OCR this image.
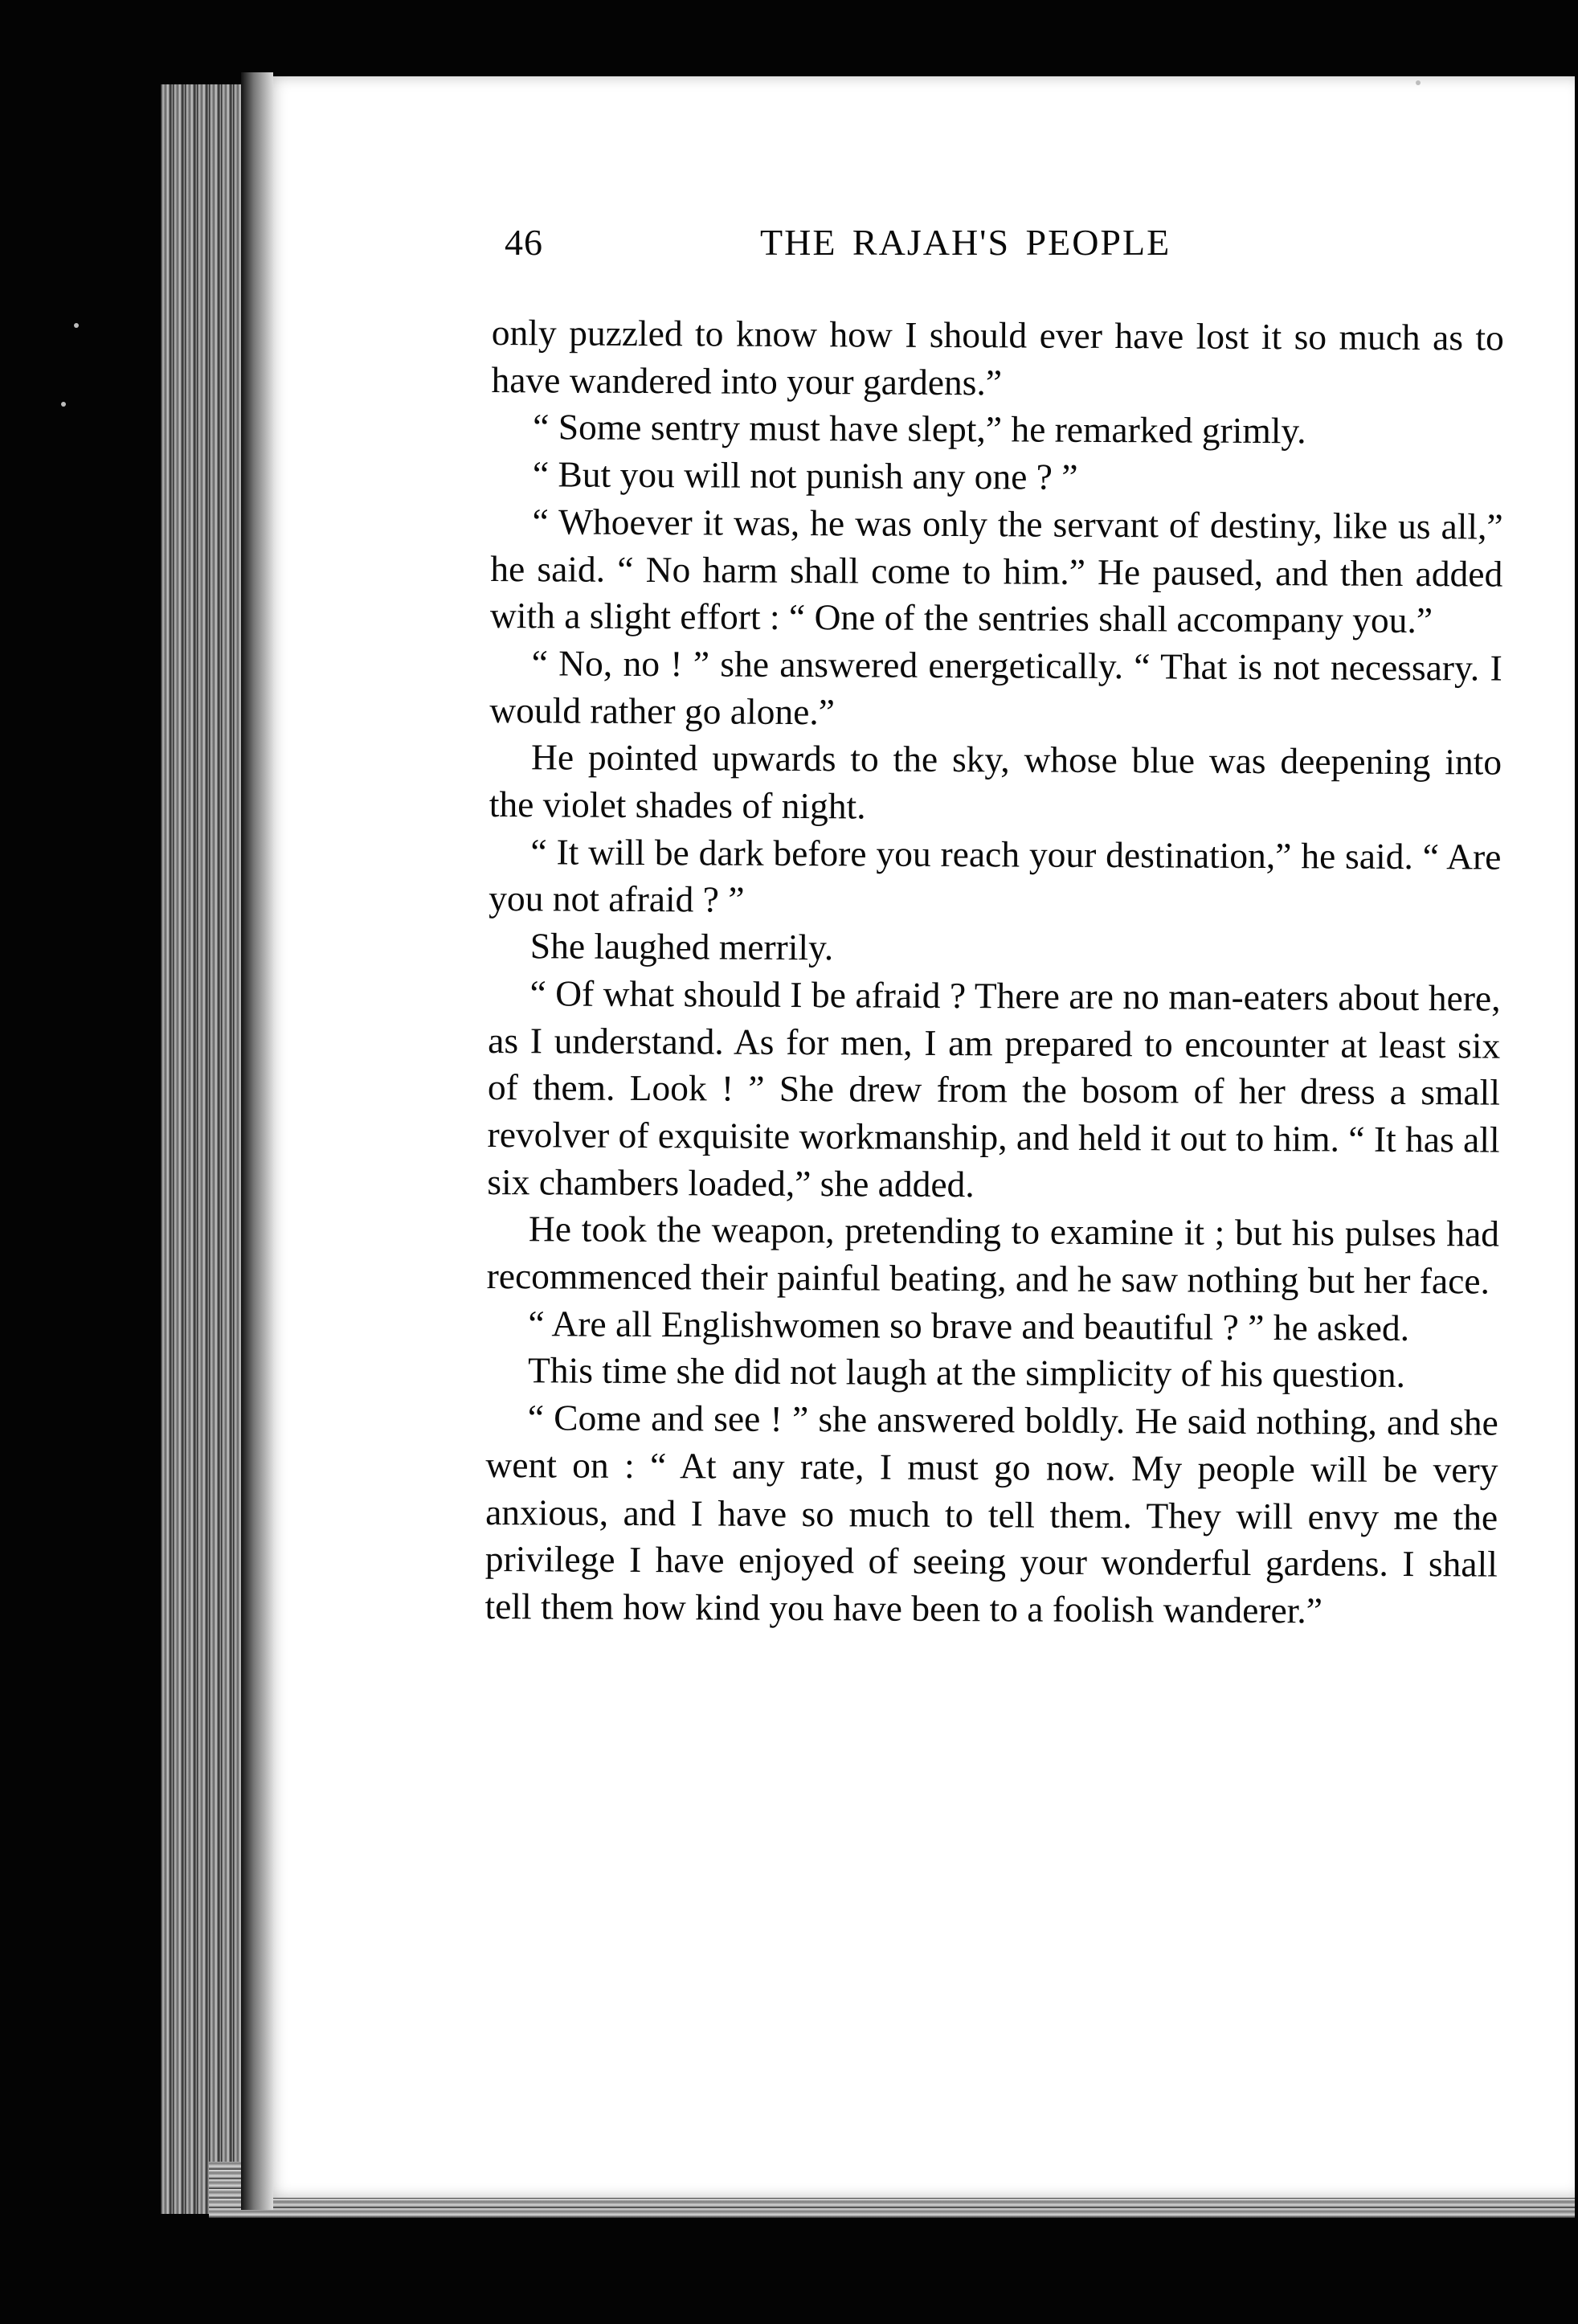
46	THE RAJAH'S PEOPLE

only puzzled to know how I should ever have lost it so much as to have wandered into your gardens.”

“ Some sentry must have slept,” he remarked grimly.

“ But you will not punish any one ? ”

“ Whoever it was, he was only the servant of destiny, like us all,” he said. “ No harm shall come to him.” He paused, and then added with a slight effort : “ One of the sentries shall accompany you.”

“ No, no ! ” she answered energetically. “ That is not necessary. I would rather go alone.”

He pointed upwards to the sky, whose blue was deepening into the violet shades of night.

“ It will be dark before you reach your destination,” he said. “ Are you not afraid ? ”

She laughed merrily.

“ Of what should I be afraid ? There are no man-eaters about here, as I understand. As for men, I am prepared to encounter at least six of them. Look ! ” She drew from the bosom of her dress a small revolver of exquisite workmanship, and held it out to him. “ It has all six chambers loaded,” she added.

He took the weapon, pretending to examine it ; but his pulses had recommenced their painful beating, and he saw nothing but her face.

“ Are all Englishwomen so brave and beautiful ? ” he asked.

This time she did not laugh at the simplicity of his question.

“ Come and see ! ” she answered boldly. He said nothing, and she went on : “ At any rate, I must go now. My people will be very anxious, and I have so much to tell them. They will envy me the privilege I have enjoyed of seeing your wonderful gardens. I shall tell them how kind you have been to a foolish wanderer.”
